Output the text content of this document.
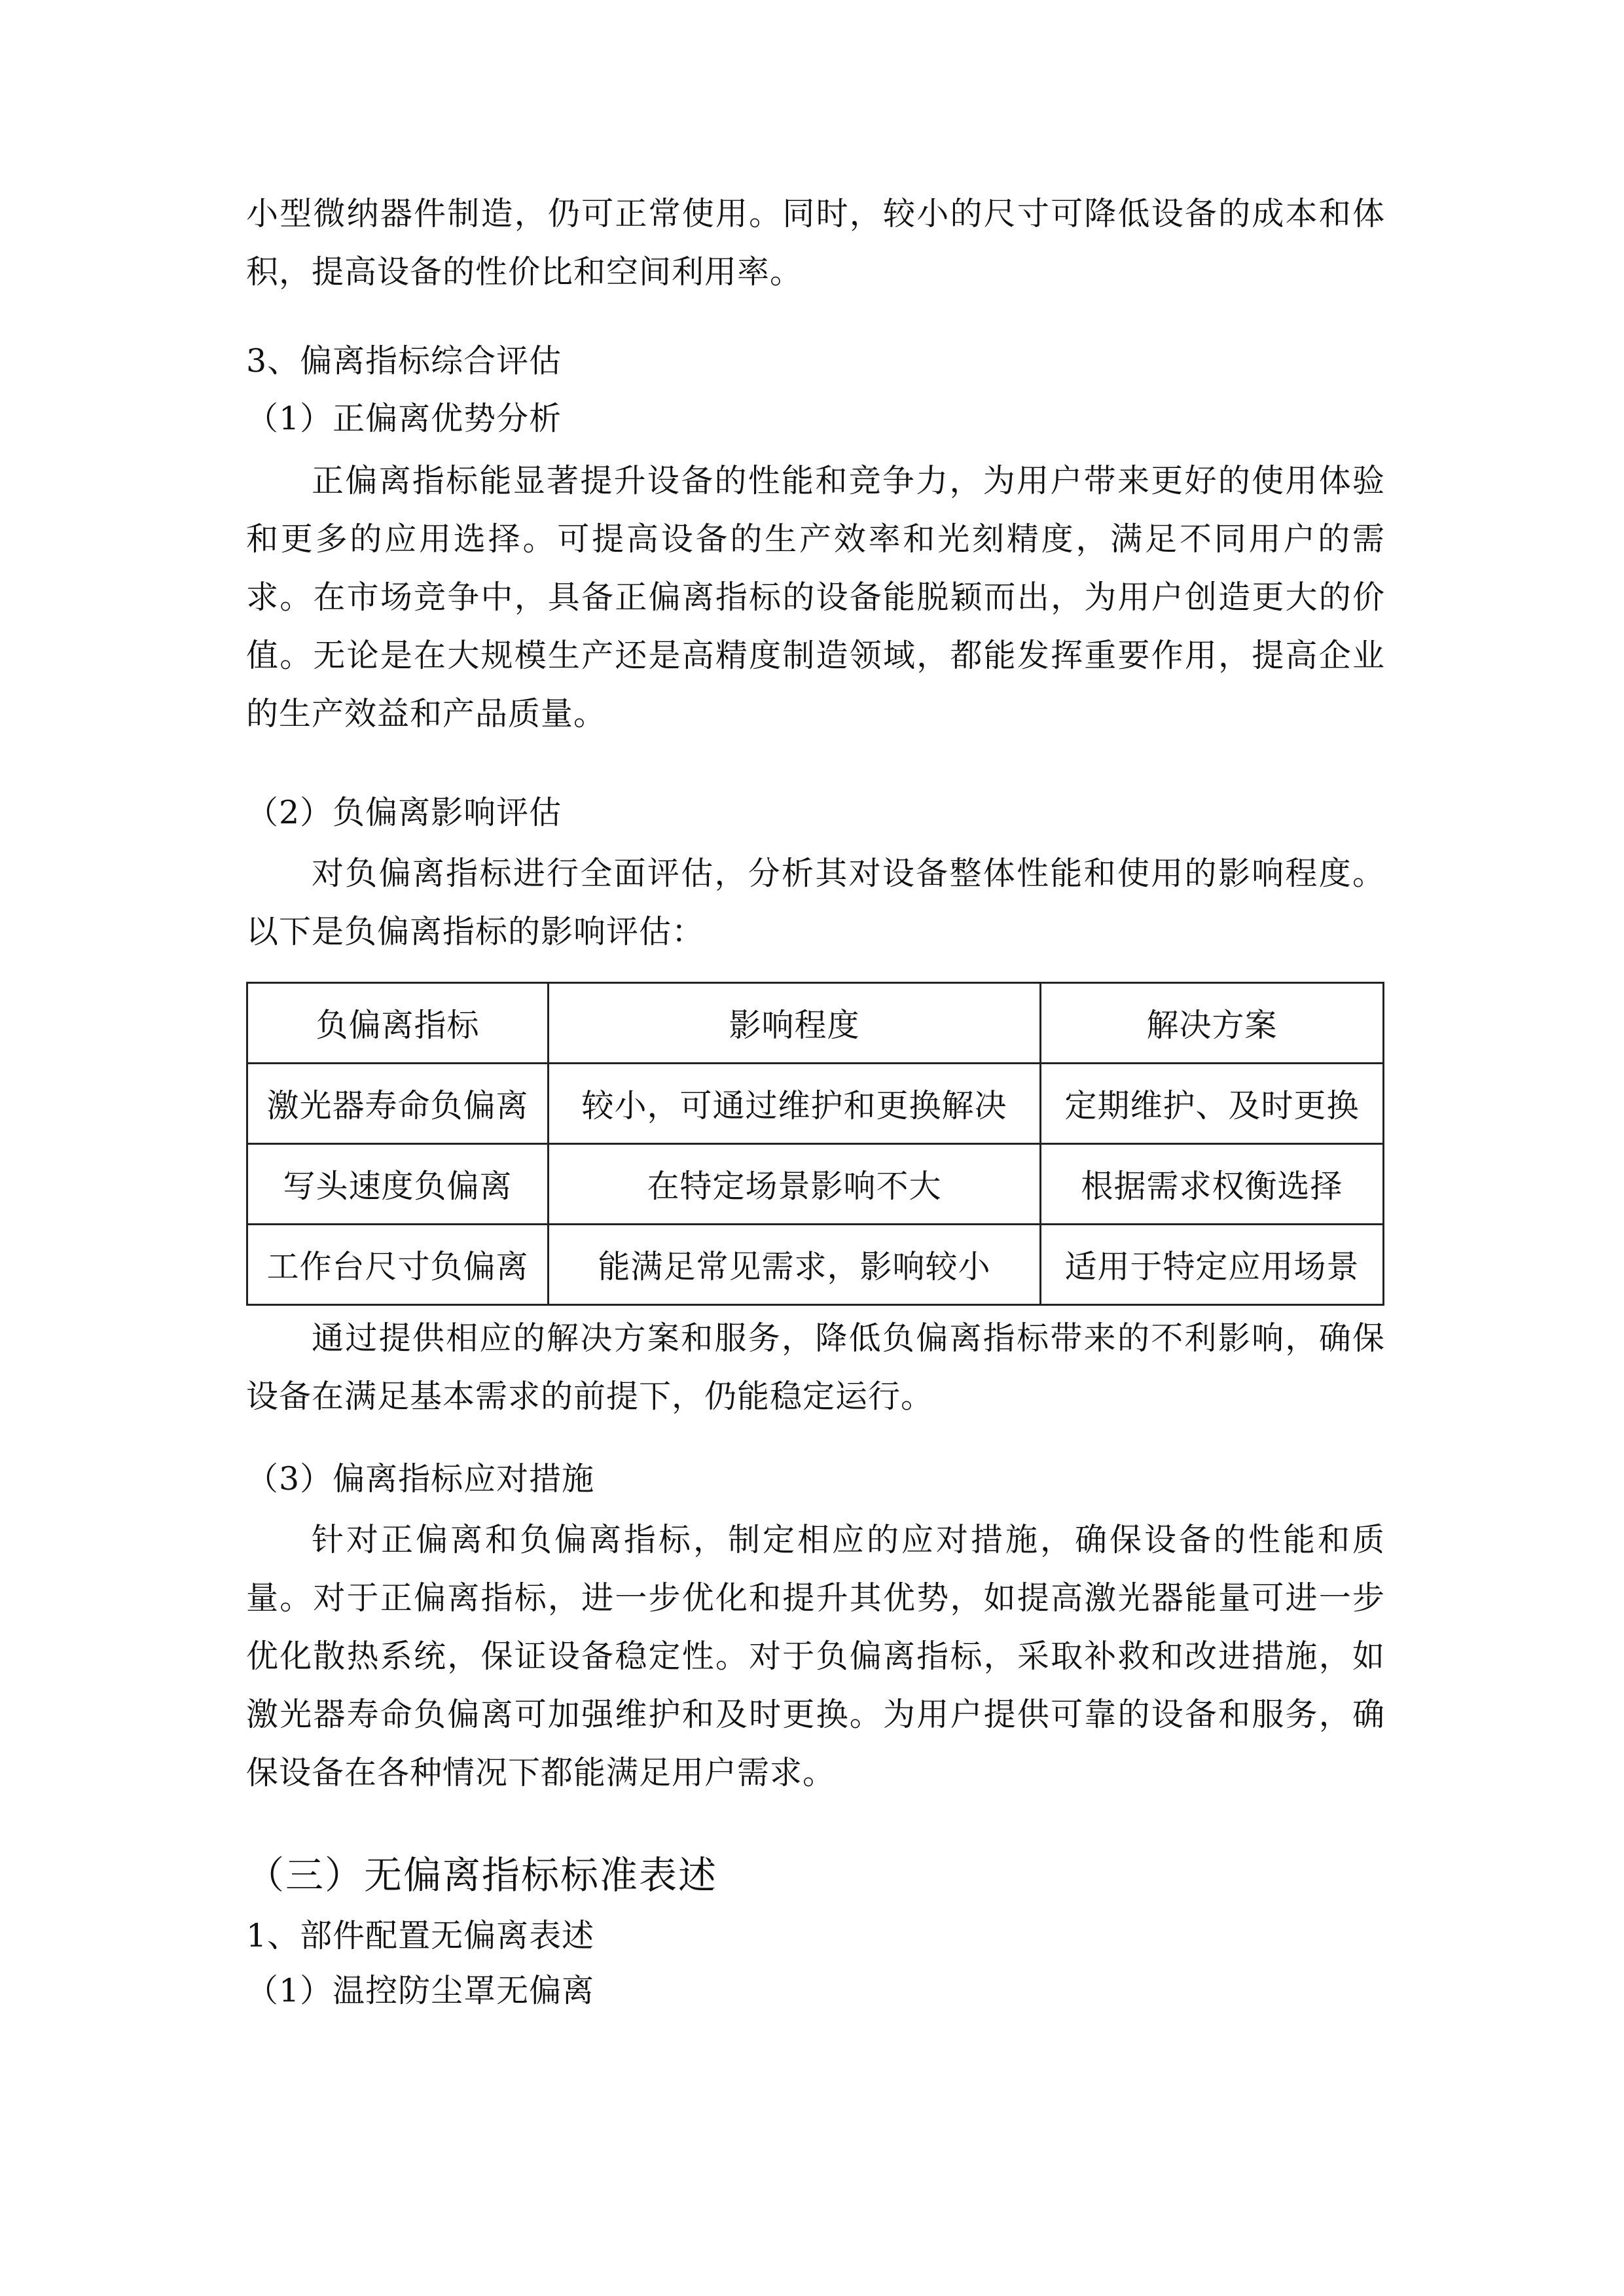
小型微纳器件制造，仍可正常使用。同时，较小的尺寸可降低设备的成本和体积，提高设备的性价比和空间利用率。
3、偏离指标综合评估
（1）正偏离优势分析
正偏离指标能显著提升设备的性能和竞争力，为用户带来更好的使用体验和更多的应用选择。可提高设备的生产效率和光刻精度，满足不同用户的需求。在市场竞争中，具备正偏离指标的设备能脱颖而出，为用户创造更大的价值。无论是在大规模生产还是高精度制造领域，都能发挥重要作用，提高企业的生产效益和产品质量。
（2）负偏离影响评估
对负偏离指标进行全面评估，分析其对设备整体性能和使用的影响程度。以下是负偏离指标的影响评估：
负偏离指标	影响程度	解决方案
激光器寿命负偏离	较小，可通过维护和更换解决	定期维护、及时更换
写头速度负偏离	在特定场景影响不大	根据需求权衡选择
工作台尺寸负偏离	能满足常见需求，影响较小	适用于特定应用场景
通过提供相应的解决方案和服务，降低负偏离指标带来的不利影响，确保设备在满足基本需求的前提下，仍能稳定运行。
（3）偏离指标应对措施
针对正偏离和负偏离指标，制定相应的应对措施，确保设备的性能和质量。对于正偏离指标，进一步优化和提升其优势，如提高激光器能量可进一步优化散热系统，保证设备稳定性。对于负偏离指标，采取补救和改进措施，如激光器寿命负偏离可加强维护和及时更换。为用户提供可靠的设备和服务，确保设备在各种情况下都能满足用户需求。
（三）无偏离指标标准表述
1、部件配置无偏离表述
（1）温控防尘罩无偏离
